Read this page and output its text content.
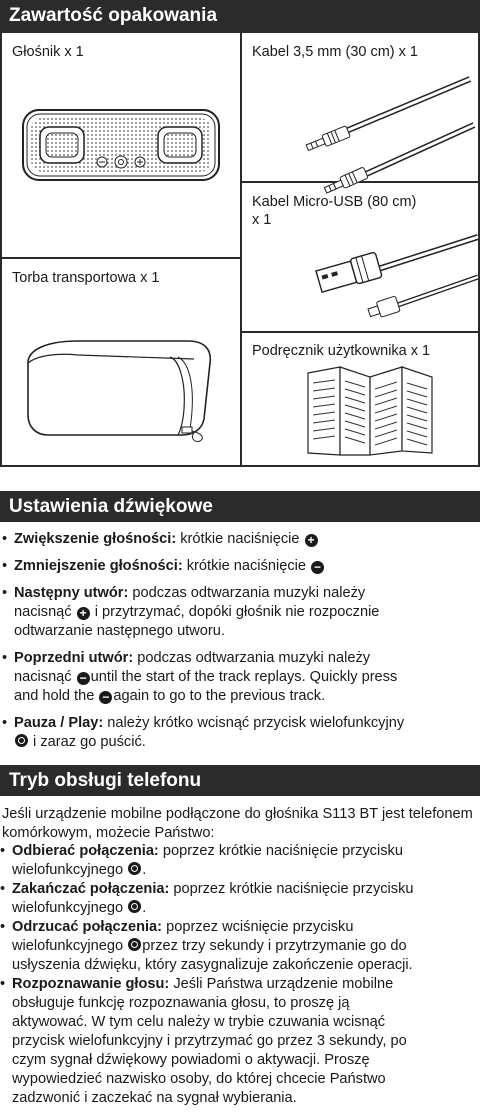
Zawartość opakowania
Głośnik x 1
Torba transportowa x 1
Kabel 3,5 mm (30 cm) x 1
Kabel Micro-USB (80 cm)
x 1
Podręcznik użytkownika x 1
Ustawienia dźwiękowe
• Zwiększenie głośności: krótkie naciśnięcie +
• Zmniejszenie głośności: krótkie naciśnięcie −
• Następny utwór: podczas odtwarzania muzyki należy
nacisnąć + i przytrzymać, dopóki głośnik nie rozpocznie
odtwarzanie następnego utworu.
• Poprzedni utwór: podczas odtwarzania muzyki należy
nacisnąć − until the start of the track replays. Quickly press
and hold the − again to go to the previous track.
• Pauza / Play: należy krótko wcisnąć przycisk wielofunkcyjny
i zaraz go puścić.
Tryb obsługi telefonu
Jeśli urządzenie mobilne podłączone do głośnika S113 BT jest telefonem komórkowym, możecie Państwo:
• Odbierać połączenia: poprzez krótkie naciśnięcie przycisku
wielofunkcyjnego .
• Zakańczać połączenia: poprzez krótkie naciśnięcie przycisku
wielofunkcyjnego .
• Odrzucać połączenia: poprzez wciśnięcie przycisku
wielofunkcyjnego przez trzy sekundy i przytrzymanie go do
usłyszenia dźwięku, który zasygnalizuje zakończenie operacji.
• Rozpoznawanie głosu: Jeśli Państwa urządzenie mobilne
obsługuje funkcję rozpoznawania głosu, to proszę ją
aktywować. W tym celu należy w trybie czuwania wcisnąć
przycisk wielofunkcyjny i przytrzymać go przez 3 sekundy, po
czym sygnał dźwiękowy powiadomi o aktywacji. Proszę
wypowiedzieć nazwisko osoby, do której chcecie Państwo
zadzwonić i zaczekać na sygnał wybierania.
